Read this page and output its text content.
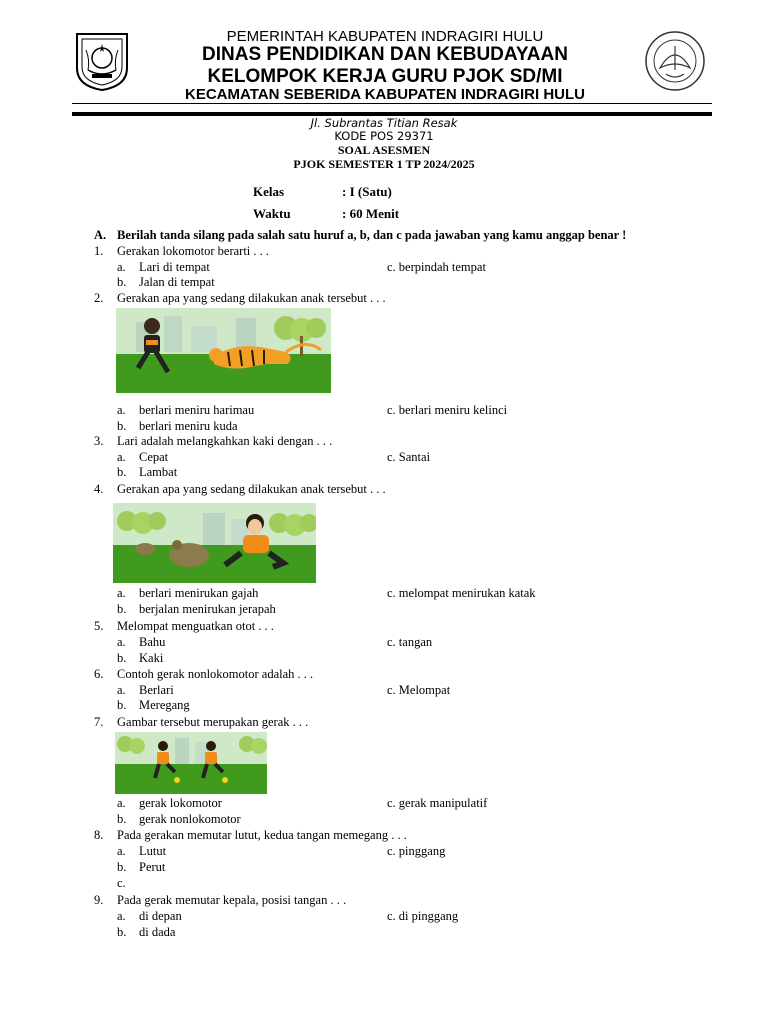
PEMERINTAH KABUPATEN INDRAGIRI HULU
DINAS PENDIDIKAN DAN KEBUDAYAAN
KELOMPOK KERJA GURU PJOK SD/MI
KECAMATAN SEBERIDA KABUPATEN INDRAGIRI HULU
Jl. Subrantas Titian Resak
KODE POS 29371
SOAL ASESMEN
PJOK SEMESTER 1 TP 2024/2025
Kelas	: I (Satu)
Waktu	: 60 Menit
A. Berilah tanda silang pada salah satu huruf a, b, dan c pada jawaban yang kamu anggap benar !
1. Gerakan lokomotor berarti . . .
a. Lari di tempat	c. berpindah tempat
b. Jalan di tempat
2. Gerakan apa yang sedang dilakukan anak tersebut . . .
a. berlari meniru harimau	c. berlari meniru kelinci
b. berlari meniru kuda
3. Lari adalah melangkahkan kaki dengan . . .
a. Cepat	c. Santai
b. Lambat
4. Gerakan apa yang sedang dilakukan anak tersebut . . .
a. berlari menirukan gajah	c. melompat menirukan katak
b. berjalan menirukan jerapah
5. Melompat menguatkan otot . . .
a. Bahu	c. tangan
b. Kaki
6. Contoh gerak nonlokomotor adalah . . .
a. Berlari	c. Melompat
b. Meregang
7. Gambar tersebut merupakan gerak . . .
a. gerak lokomotor	c. gerak manipulatif
b. gerak nonlokomotor
8. Pada gerakan memutar lutut, kedua tangan memegang . . .
a. Lutut	c. pinggang
b. Perut
c.
9. Pada gerak memutar kepala, posisi tangan . . .
a. di depan	c. di pinggang
b. di dada
